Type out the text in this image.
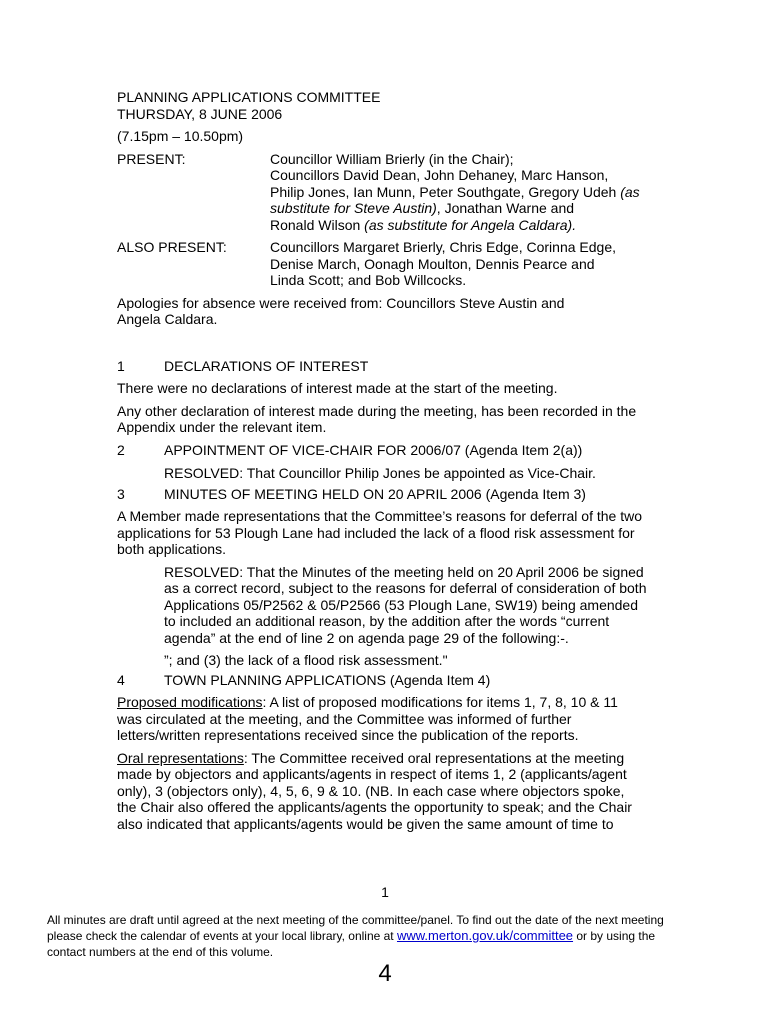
PLANNING APPLICATIONS COMMITTEE

THURSDAY, 8 JUNE 2006

(7.15pm – 10.50pm)

PRESENT:	Councillor William Brierly (in the Chair);
Councillors David Dean, John Dehaney, Marc Hanson,
Philip Jones, Ian Munn, Peter Southgate, Gregory Udeh (as
substitute for Steve Austin), Jonathan Warne and
Ronald Wilson (as substitute for Angela Caldara).
ALSO PRESENT:	Councillors Margaret Brierly, Chris Edge, Corinna Edge,
Denise March, Oonagh Moulton, Dennis Pearce and
Linda Scott; and Bob Willcocks.
Apologies for absence were received from: Councillors Steve Austin and
Angela Caldara.
1	DECLARATIONS OF INTEREST

There were no declarations of interest made at the start of the meeting.

Any other declaration of interest made during the meeting, has been recorded in the
Appendix under the relevant item.
2	APPOINTMENT OF VICE-CHAIR FOR 2006/07 (Agenda Item 2(a))

RESOLVED: That Councillor Philip Jones be appointed as Vice-Chair.

3	MINUTES OF MEETING HELD ON 20 APRIL 2006 (Agenda Item 3)
A Member made representations that the Committee’s reasons for deferral of the two
applications for 53 Plough Lane had included the lack of a flood risk assessment for
both applications.
RESOLVED: That the Minutes of the meeting held on 20 April 2006 be signed
as a correct record, subject to the reasons for deferral of consideration of both
Applications 05/P2562 & 05/P2566 (53 Plough Lane, SW19) being amended
to included an additional reason, by the addition after the words “current
agenda” at the end of line 2 on agenda page 29 of the following:-.
”; and (3) the lack of a flood risk assessment."
4	TOWN PLANNING APPLICATIONS (Agenda Item 4)
Proposed modifications: A list of proposed modifications for items 1, 7, 8, 10 & 11
was circulated at the meeting, and the Committee was informed of further
letters/written representations received since the publication of the reports.
Oral representations: The Committee received oral representations at the meeting
made by objectors and applicants/agents in respect of items 1, 2 (applicants/agent
only), 3 (objectors only), 4, 5, 6, 9 & 10. (NB. In each case where objectors spoke,
the Chair also offered the applicants/agents the opportunity to speak; and the Chair
also indicated that applicants/agents would be given the same amount of time to
1
All minutes are draft until agreed at the next meeting of the committee/panel. To find out the date of the next meeting
please check the calendar of events at your local library, online at www.merton.gov.uk/committee or by using the
contact numbers at the end of this volume.
4
